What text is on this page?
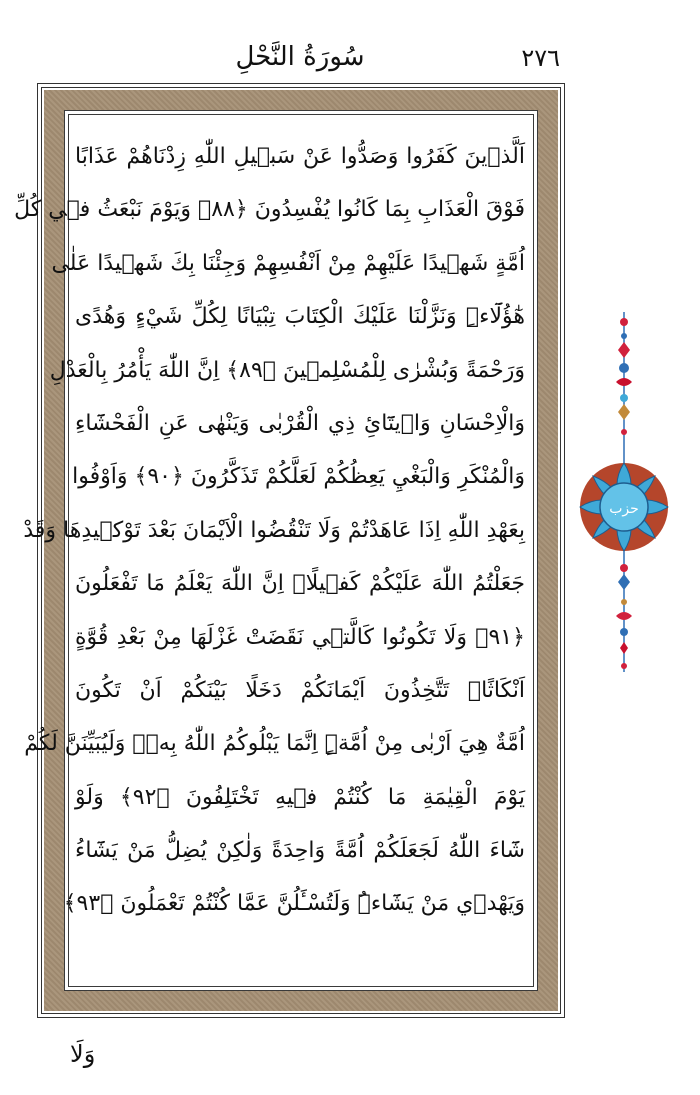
٢٧٦
سُورَةُ النَّحْلِ
اَلَّذ۪ينَ كَفَرُوا وَصَدُّوا عَنْ سَب۪يلِ اللّٰهِ زِدْنَاهُمْ عَذَابًا
فَوْقَ الْعَذَابِ بِمَا كَانُوا يُفْسِدُونَ ﴿٨٨﴾ وَيَوْمَ نَبْعَثُ ف۪ي كُلِّ
اُمَّةٍ شَه۪يدًا عَلَيْهِمْ مِنْ اَنْفُسِهِمْ وَجِئْنَا بِكَ شَه۪يدًا عَلٰى
هٰٓؤُلَٓاءِۜ وَنَزَّلْنَا عَلَيْكَ الْكِتَابَ تِبْيَانًا لِكُلِّ شَيْءٍ وَهُدًى
وَرَحْمَةً وَبُشْرٰى لِلْمُسْلِم۪ينَ ﴿٨٩﴾ اِنَّ اللّٰهَ يَأْمُرُ بِالْعَدْلِ
وَالْاِحْسَانِ وَا۪يتَٓائِ ذِي الْقُرْبٰى وَيَنْهٰى عَنِ الْفَحْشَٓاءِ
وَالْمُنْكَرِ وَالْبَغْيِ يَعِظُكُمْ لَعَلَّكُمْ تَذَكَّرُونَ ﴿٩٠﴾ وَاَوْفُوا
بِعَهْدِ اللّٰهِ اِذَا عَاهَدْتُمْ وَلَا تَنْقُضُوا الْاَيْمَانَ بَعْدَ تَوْك۪يدِهَا وَقَدْ
جَعَلْتُمُ اللّٰهَ عَلَيْكُمْ كَف۪يلًاۜ اِنَّ اللّٰهَ يَعْلَمُ مَا تَفْعَلُونَ
﴿٩١﴾ وَلَا تَكُونُوا كَالَّت۪ي نَقَضَتْ غَزْلَهَا مِنْ بَعْدِ قُوَّةٍ
اَنْكَاثًاۜ تَتَّخِذُونَ اَيْمَانَكُمْ دَخَلًا بَيْنَكُمْ اَنْ تَكُونَ
اُمَّةٌ هِيَ اَرْبٰى مِنْ اُمَّةٍۜ اِنَّمَا يَبْلُوكُمُ اللّٰهُ بِه۪ۜ وَلَيُبَيِّنَنَّ لَكُمْ
يَوْمَ الْقِيٰمَةِ مَا كُنْتُمْ ف۪يهِ تَخْتَلِفُونَ ﴿٩٢﴾ وَلَوْ
شَٓاءَ اللّٰهُ لَجَعَلَكُمْ اُمَّةً وَاحِدَةً وَلٰكِنْ يُضِلُّ مَنْ يَشَٓاءُ
وَيَهْد۪ي مَنْ يَشَٓاءُۜ وَلَتُسْـَٔلُنَّ عَمَّا كُنْتُمْ تَعْمَلُونَ ﴿٩٣﴾
وَلَا
حزب
